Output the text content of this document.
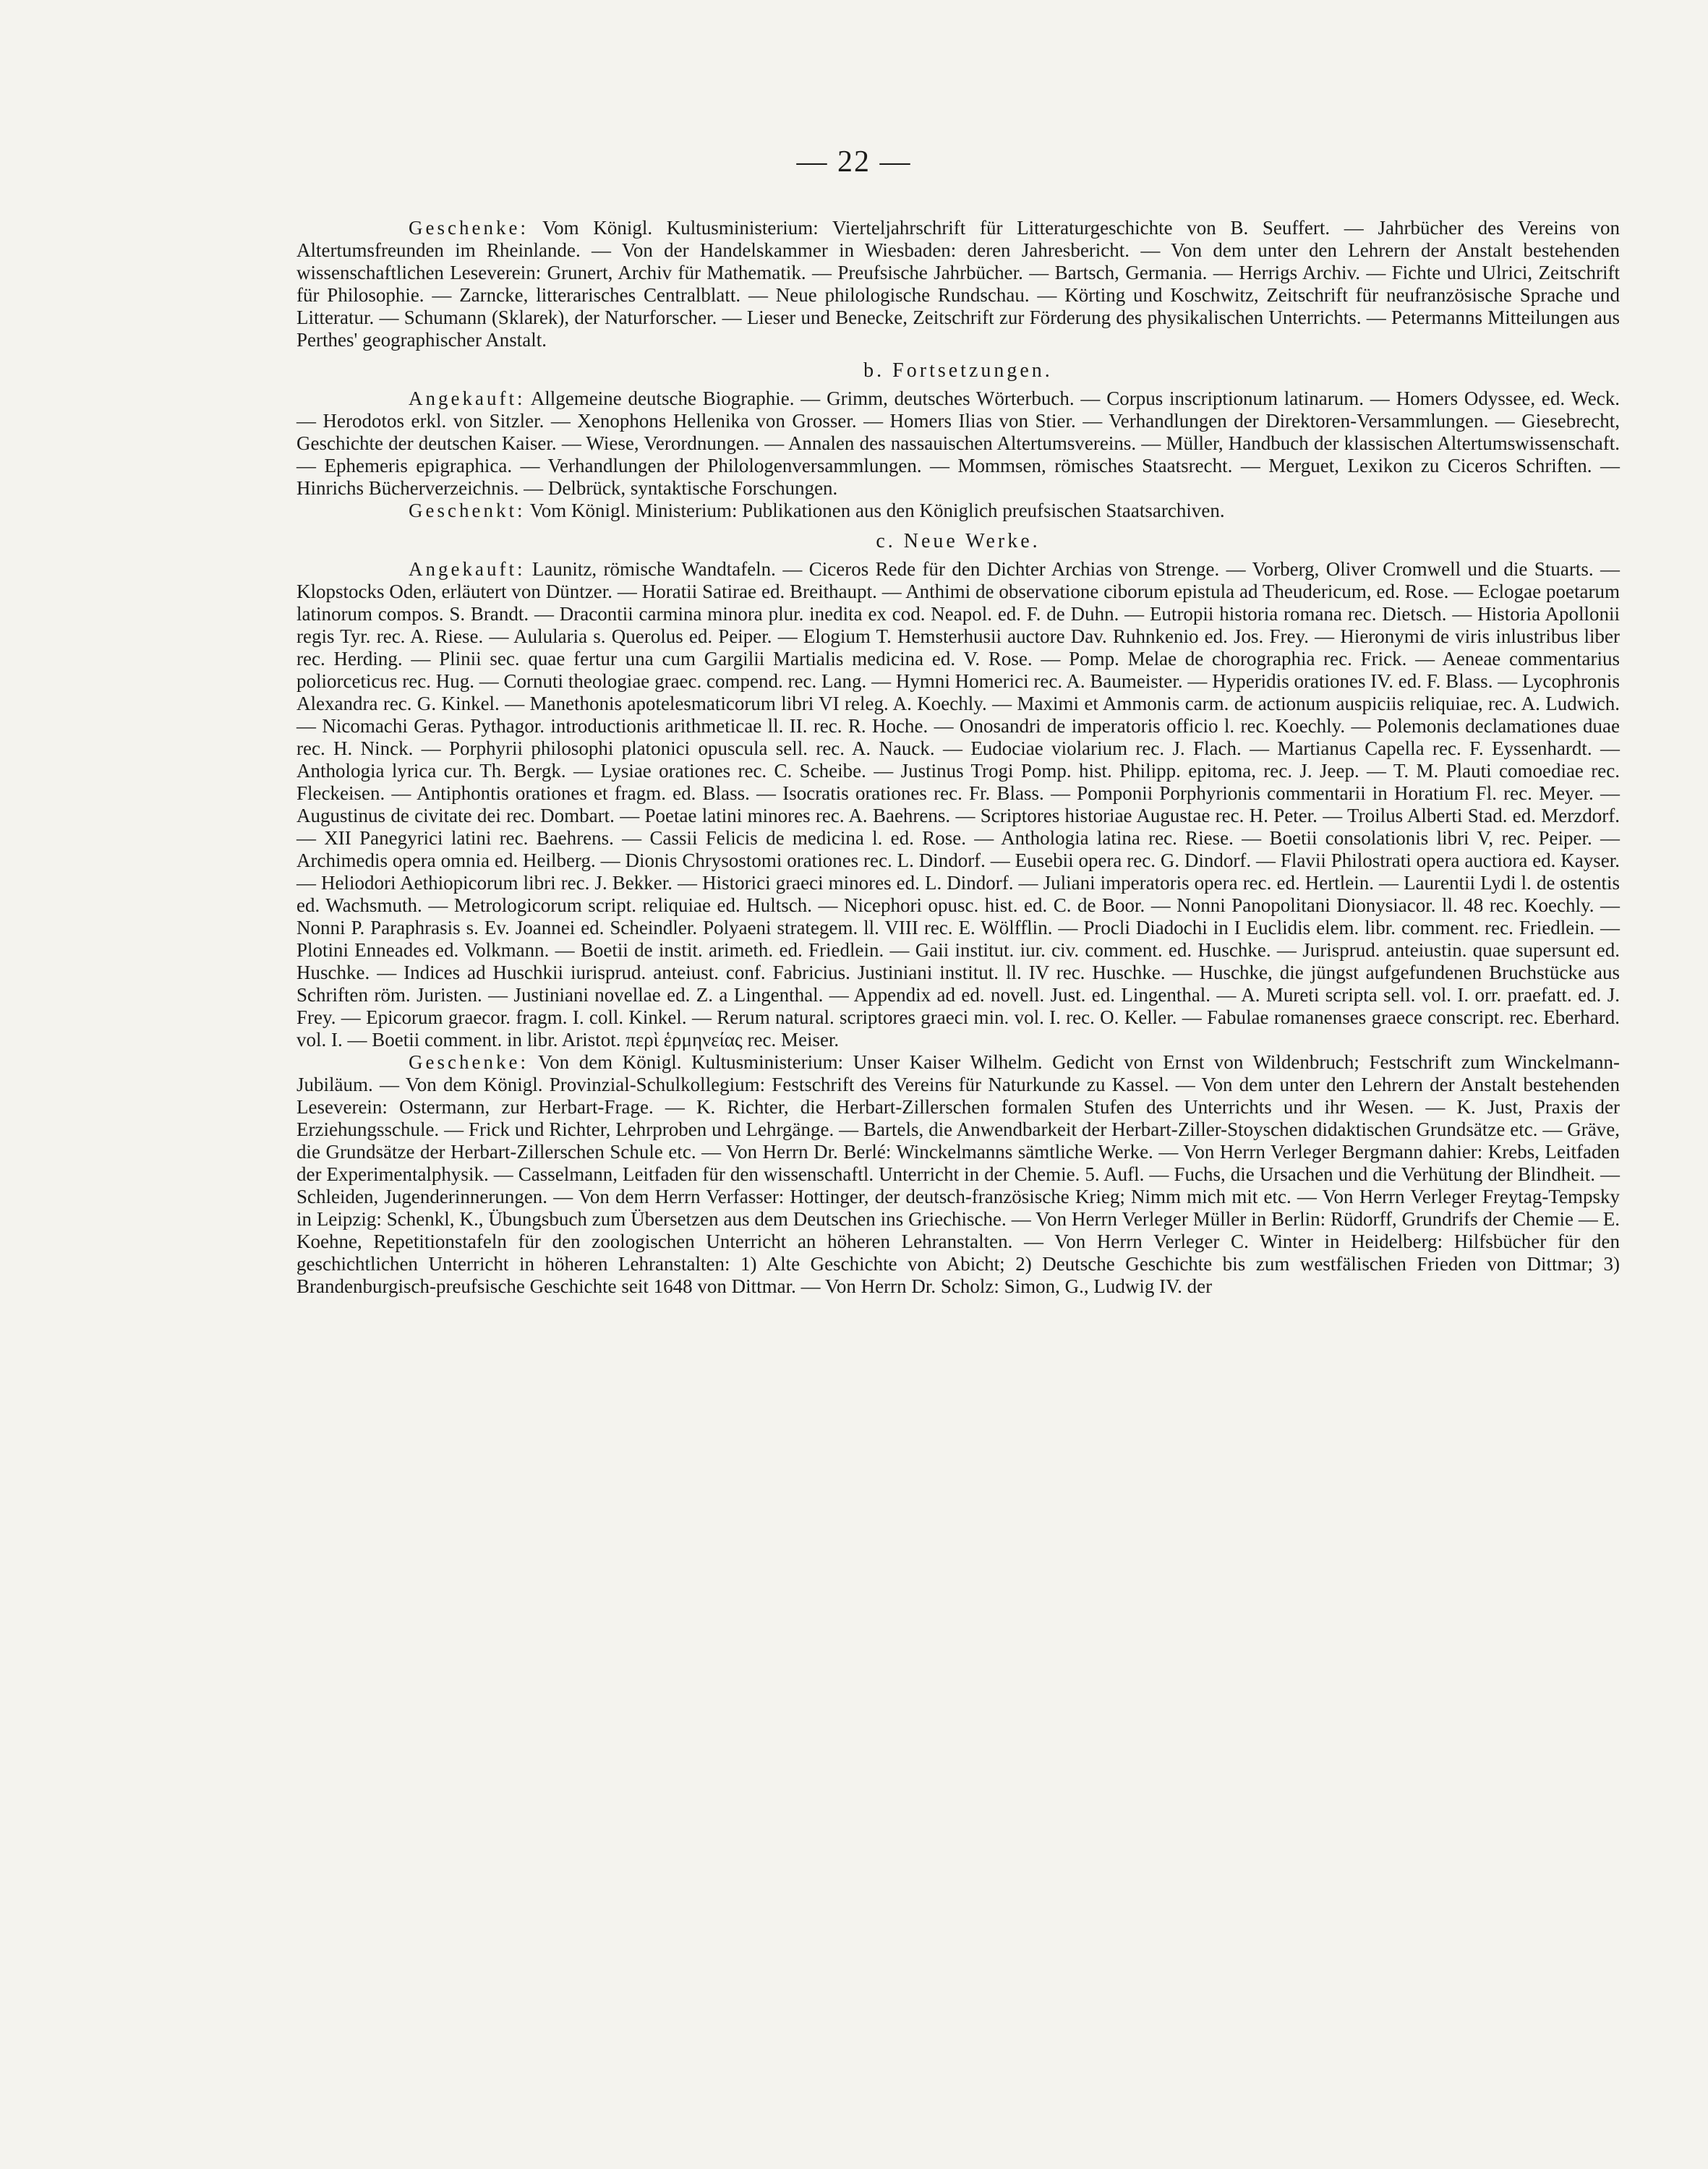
— 22 —

Geschenke: Vom Königl. Kultusministerium: Vierteljahrschrift für Litteraturgeschichte von B. Seuffert. — Jahrbücher des Vereins von Altertumsfreunden im Rheinlande. — Von der Handelskammer in Wiesbaden: deren Jahresbericht. — Von dem unter den Lehrern der Anstalt bestehenden wissenschaftlichen Leseverein: Grunert, Archiv für Mathematik. — Preufsische Jahrbücher. — Bartsch, Germania. — Herrigs Archiv. — Fichte und Ulrici, Zeitschrift für Philosophie. — Zarncke, litterarisches Centralblatt. — Neue philologische Rundschau. — Körting und Koschwitz, Zeitschrift für neufranzösische Sprache und Litteratur. — Schumann (Sklarek), der Naturforscher. — Lieser und Benecke, Zeitschrift zur Förderung des physikalischen Unterrichts. — Petermanns Mitteilungen aus Perthes' geographischer Anstalt.

b. Fortsetzungen.

Angekauft: Allgemeine deutsche Biographie. — Grimm, deutsches Wörterbuch. — Corpus inscriptionum latinarum. — Homers Odyssee, ed. Weck. — Herodotos erkl. von Sitzler. — Xenophons Hellenika von Grosser. — Homers Ilias von Stier. — Verhandlungen der Direktoren-Versammlungen. — Giesebrecht, Geschichte der deutschen Kaiser. — Wiese, Verordnungen. — Annalen des nassauischen Altertumsvereins. — Müller, Handbuch der klassischen Altertumswissenschaft. — Ephemeris epigraphica. — Verhandlungen der Philologenversammlungen. — Mommsen, römisches Staatsrecht. — Merguet, Lexikon zu Ciceros Schriften. — Hinrichs Bücherverzeichnis. — Delbrück, syntaktische Forschungen.

Geschenkt: Vom Königl. Ministerium: Publikationen aus den Königlich preufsischen Staatsarchiven.

c. Neue Werke.

Angekauft: Launitz, römische Wandtafeln. — Ciceros Rede für den Dichter Archias von Strenge. — Vorberg, Oliver Cromwell und die Stuarts. — Klopstocks Oden, erläutert von Düntzer. — Horatii Satirae ed. Breithaupt. — Anthimi de observatione ciborum epistula ad Theudericum, ed. Rose. — Eclogae poetarum latinorum compos. S. Brandt. — Dracontii carmina minora plur. inedita ex cod. Neapol. ed. F. de Duhn. — Eutropii historia romana rec. Dietsch. — Historia Apollonii regis Tyr. rec. A. Riese. — Aulularia s. Querolus ed. Peiper. — Elogium T. Hemsterhusii auctore Dav. Ruhnkenio ed. Jos. Frey. — Hieronymi de viris inlustribus liber rec. Herding. — Plinii sec. quae fertur una cum Gargilii Martialis medicina ed. V. Rose. — Pomp. Melae de chorographia rec. Frick. — Aeneae commentarius poliorceticus rec. Hug. — Cornuti theologiae graec. compend. rec. Lang. — Hymni Homerici rec. A. Baumeister. — Hyperidis orationes IV. ed. F. Blass. — Lycophronis Alexandra rec. G. Kinkel. — Manethonis apotelesmaticorum libri VI releg. A. Koechly. — Maximi et Ammonis carm. de actionum auspiciis reliquiae, rec. A. Ludwich. — Nicomachi Geras. Pythagor. introductionis arithmeticae ll. II. rec. R. Hoche. — Onosandri de imperatoris officio l. rec. Koechly. — Polemonis declamationes duae rec. H. Ninck. — Porphyrii philosophi platonici opuscula sell. rec. A. Nauck. — Eudociae violarium rec. J. Flach. — Martianus Capella rec. F. Eyssenhardt. — Anthologia lyrica cur. Th. Bergk. — Lysiae orationes rec. C. Scheibe. — Justinus Trogi Pomp. hist. Philipp. epitoma, rec. J. Jeep. — T. M. Plauti comoediae rec. Fleckeisen. — Antiphontis orationes et fragm. ed. Blass. — Isocratis orationes rec. Fr. Blass. — Pomponii Porphyrionis commentarii in Horatium Fl. rec. Meyer. — Augustinus de civitate dei rec. Dombart. — Poetae latini minores rec. A. Baehrens. — Scriptores historiae Augustae rec. H. Peter. — Troilus Alberti Stad. ed. Merzdorf. — XII Panegyrici latini rec. Baehrens. — Cassii Felicis de medicina l. ed. Rose. — Anthologia latina rec. Riese. — Boetii consolationis libri V, rec. Peiper. — Archimedis opera omnia ed. Heilberg. — Dionis Chrysostomi orationes rec. L. Dindorf. — Eusebii opera rec. G. Dindorf. — Flavii Philostrati opera auctiora ed. Kayser. — Heliodori Aethiopicorum libri rec. J. Bekker. — Historici graeci minores ed. L. Dindorf. — Juliani imperatoris opera rec. ed. Hertlein. — Laurentii Lydi l. de ostentis ed. Wachsmuth. — Metrologicorum script. reliquiae ed. Hultsch. — Nicephori opusc. hist. ed. C. de Boor. — Nonni Panopolitani Dionysiacor. ll. 48 rec. Koechly. — Nonni P. Paraphrasis s. Ev. Joannei ed. Scheindler. Polyaeni strategem. ll. VIII rec. E. Wölfflin. — Procli Diadochi in I Euclidis elem. libr. comment. rec. Friedlein. — Plotini Enneades ed. Volkmann. — Boetii de instit. arimeth. ed. Friedlein. — Gaii institut. iur. civ. comment. ed. Huschke. — Jurisprud. anteiustin. quae supersunt ed. Huschke. — Indices ad Huschkii iurisprud. anteiust. conf. Fabricius. Justiniani institut. ll. IV rec. Huschke. — Huschke, die jüngst aufgefundenen Bruchstücke aus Schriften röm. Juristen. — Justiniani novellae ed. Z. a Lingenthal. — Appendix ad ed. novell. Just. ed. Lingenthal. — A. Mureti scripta sell. vol. I. orr. praefatt. ed. J. Frey. — Epicorum graecor. fragm. I. coll. Kinkel. — Rerum natural. scriptores graeci min. vol. I. rec. O. Keller. — Fabulae romanenses graece conscript. rec. Eberhard. vol. I. — Boetii comment. in libr. Aristot. περὶ ἑρμηνείας rec. Meiser.

Geschenke: Von dem Königl. Kultusministerium: Unser Kaiser Wilhelm. Gedicht von Ernst von Wildenbruch; Festschrift zum Winckelmann-Jubiläum. — Von dem Königl. Provinzial-Schulkollegium: Festschrift des Vereins für Naturkunde zu Kassel. — Von dem unter den Lehrern der Anstalt bestehenden Leseverein: Ostermann, zur Herbart-Frage. — K. Richter, die Herbart-Zillerschen formalen Stufen des Unterrichts und ihr Wesen. — K. Just, Praxis der Erziehungsschule. — Frick und Richter, Lehrproben und Lehrgänge. — Bartels, die Anwendbarkeit der Herbart-Ziller-Stoyschen didaktischen Grundsätze etc. — Gräve, die Grundsätze der Herbart-Zillerschen Schule etc. — Von Herrn Dr. Berlé: Winckelmanns sämtliche Werke. — Von Herrn Verleger Bergmann dahier: Krebs, Leitfaden der Experimentalphysik. — Casselmann, Leitfaden für den wissenschaftl. Unterricht in der Chemie. 5. Aufl. — Fuchs, die Ursachen und die Verhütung der Blindheit. — Schleiden, Jugenderinnerungen. — Von dem Herrn Verfasser: Hottinger, der deutsch-französische Krieg; Nimm mich mit etc. — Von Herrn Verleger Freytag-Tempsky in Leipzig: Schenkl, K., Übungsbuch zum Übersetzen aus dem Deutschen ins Griechische. — Von Herrn Verleger Müller in Berlin: Rüdorff, Grundrifs der Chemie — E. Koehne, Repetitionstafeln für den zoologischen Unterricht an höheren Lehranstalten. — Von Herrn Verleger C. Winter in Heidelberg: Hilfsbücher für den geschichtlichen Unterricht in höheren Lehranstalten: 1) Alte Geschichte von Abicht; 2) Deutsche Geschichte bis zum westfälischen Frieden von Dittmar; 3) Brandenburgisch-preufsische Geschichte seit 1648 von Dittmar. — Von Herrn Dr. Scholz: Simon, G., Ludwig IV. der
